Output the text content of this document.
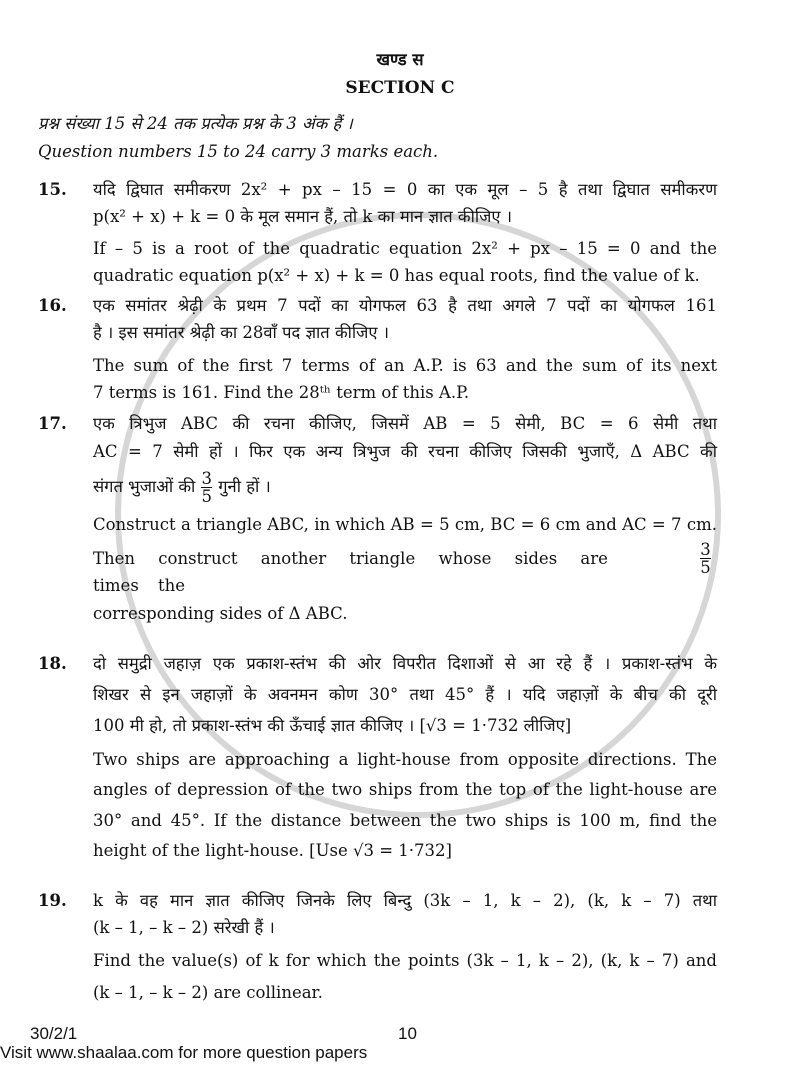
खण्ड स
SECTION C
प्रश्न संख्या 15 से 24 तक प्रत्येक प्रश्न के 3 अंक हैं ।
Question numbers 15 to 24 carry 3 marks each.
15. यदि द्विघात समीकरण 2x² + px – 15 = 0 का एक मूल – 5 है तथा द्विघात समीकरण
p(x² + x) + k = 0 के मूल समान हैं, तो k का मान ज्ञात कीजिए ।
If – 5 is a root of the quadratic equation 2x² + px – 15 = 0 and the
quadratic equation p(x² + x) + k = 0 has equal roots, find the value of k.
16. एक समांतर श्रेढ़ी के प्रथम 7 पदों का योगफल 63 है तथा अगले 7 पदों का योगफल 161
है । इस समांतर श्रेढ़ी का 28वाँ पद ज्ञात कीजिए ।
The sum of the first 7 terms of an A.P. is 63 and the sum of its next
7 terms is 161. Find the 28ᵗʰ term of this A.P.
17. एक त्रिभुज ABC की रचना कीजिए, जिसमें AB = 5 सेमी, BC = 6 सेमी तथा
AC = 7 सेमी हों । फिर एक अन्य त्रिभुज की रचना कीजिए जिसकी भुजाएँ, Δ ABC की
संगत भुजाओं की $\frac{3}{5}$ गुनी हों ।
Construct a triangle ABC, in which AB = 5 cm, BC = 6 cm and AC = 7 cm.
Then construct another triangle whose sides are	$\frac{3}{5}$
times the
corresponding sides of Δ ABC.
18. दो समुद्री जहाज़ एक प्रकाश-स्तंभ की ओर विपरीत दिशाओं से आ रहे हैं । प्रकाश-स्तंभ के
शिखर से इन जहाज़ों के अवनमन कोण 30° तथा 45° हैं । यदि जहाज़ों के बीच की दूरी
100 मी हो, तो प्रकाश-स्तंभ की ऊँचाई ज्ञात कीजिए । [√3 = 1·732 लीजिए]
Two ships are approaching a light-house from opposite directions. The
angles of depression of the two ships from the top of the light-house are
30° and 45°. If the distance between the two ships is 100 m, find the
height of the light-house. [Use √3 = 1·732]
19. k के वह मान ज्ञात कीजिए जिनके लिए बिन्दु (3k – 1, k – 2), (k, k – 7) तथा
(k – 1, – k – 2) सरेखी हैं ।
Find the value(s) of k for which the points (3k – 1, k – 2), (k, k – 7) and
(k – 1, – k – 2) are collinear.
30/2/1	10
Visit www.shaalaa.com for more question papers
